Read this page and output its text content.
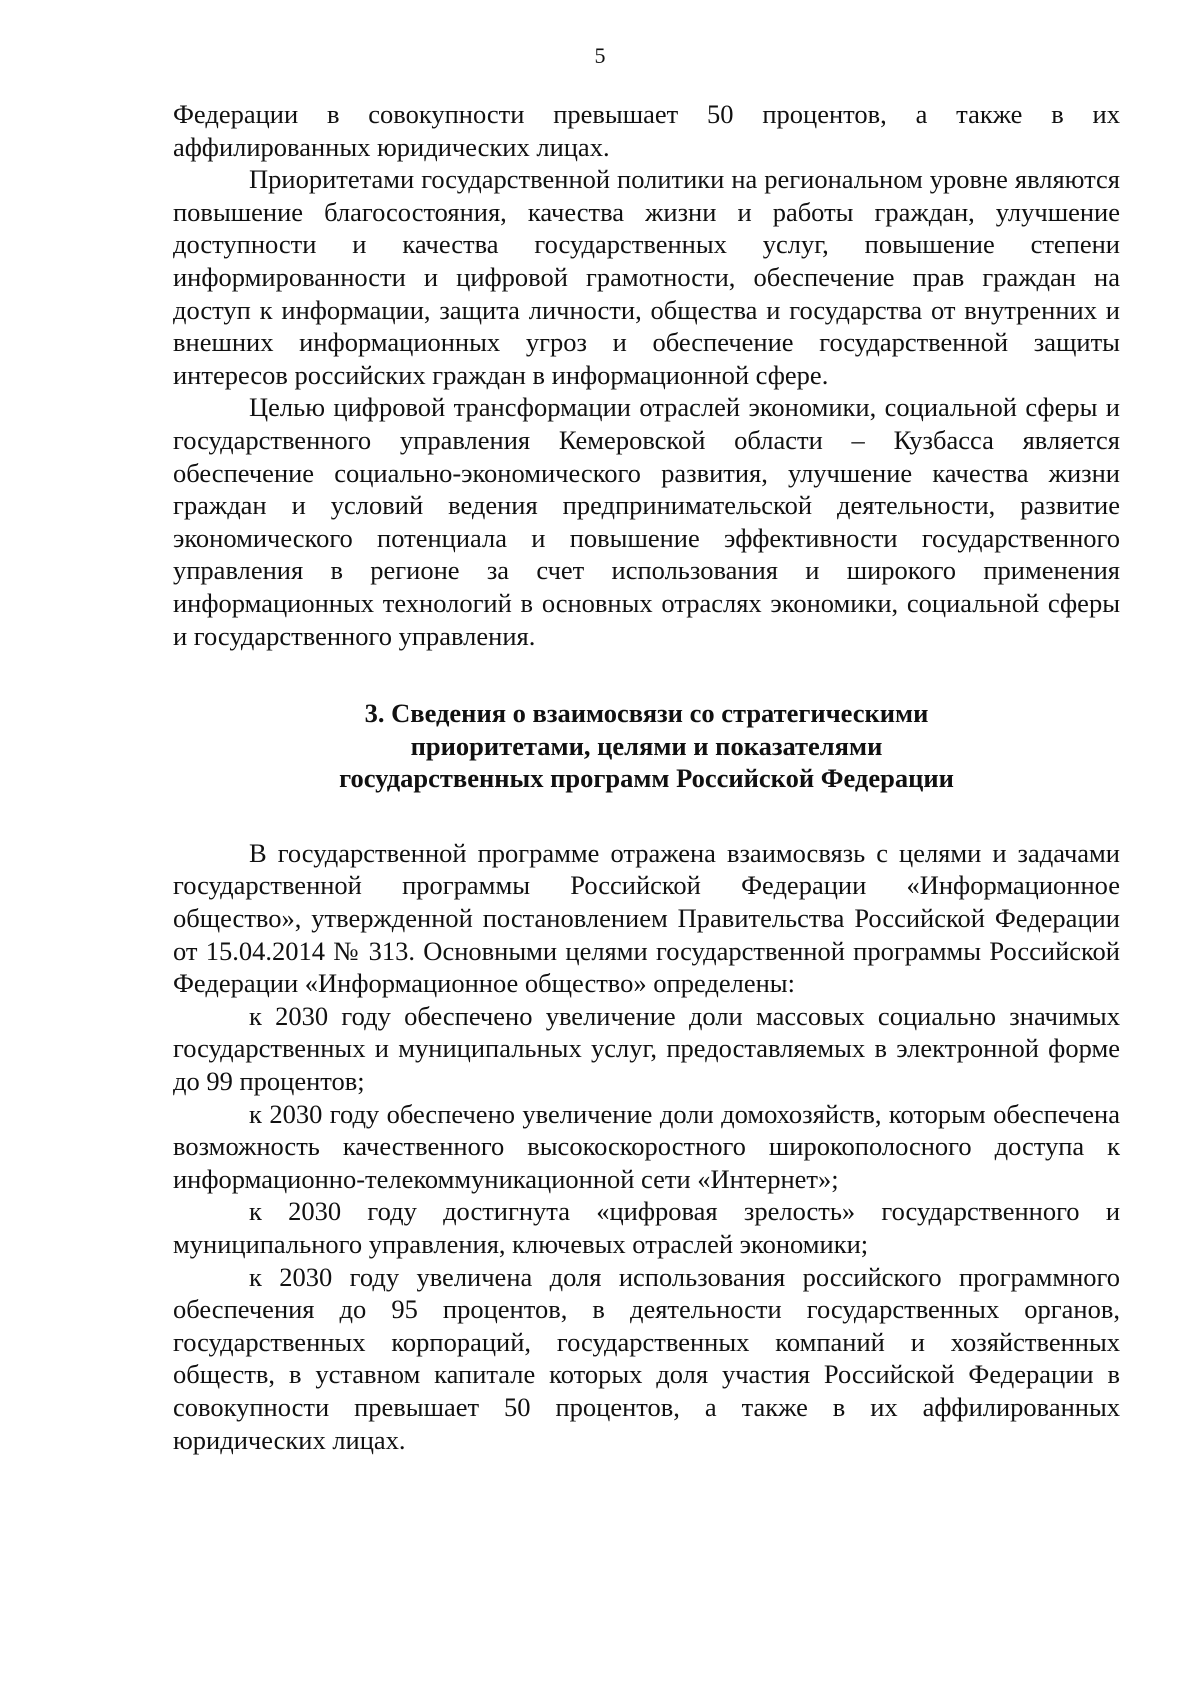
5

Федерации в совокупности превышает 50 процентов, а также в их аффилированных юридических лицах.

Приоритетами государственной политики на региональном уровне являются повышение благосостояния, качества жизни и работы граждан, улучшение доступности и качества государственных услуг, повышение степени информированности и цифровой грамотности, обеспечение прав граждан на доступ к информации, защита личности, общества и государства от внутренних и внешних информационных угроз и обеспечение государственной защиты интересов российских граждан в информационной сфере.

Целью цифровой трансформации отраслей экономики, социальной сферы и государственного управления Кемеровской области – Кузбасса является обеспечение социально-экономического развития, улучшение качества жизни граждан и условий ведения предпринимательской деятельности, развитие экономического потенциала и повышение эффективности государственного управления в регионе за счет использования и широкого применения информационных технологий в основных отраслях экономики, социальной сферы и государственного управления.

3. Сведения о взаимосвязи со стратегическими
приоритетами, целями и показателями
государственных программ Российской Федерации

В государственной программе отражена взаимосвязь с целями и задачами государственной программы Российской Федерации «Информационное общество», утвержденной постановлением Правительства Российской Федерации от 15.04.2014 № 313. Основными целями государственной программы Российской Федерации «Информационное общество» определены:

к 2030 году обеспечено увеличение доли массовых социально значимых государственных и муниципальных услуг, предоставляемых в электронной форме до 99 процентов;

к 2030 году обеспечено увеличение доли домохозяйств, которым обеспечена возможность качественного высокоскоростного широкополосного доступа к информационно-телекоммуникационной сети «Интернет»;

к 2030 году достигнута «цифровая зрелость» государственного и муниципального управления, ключевых отраслей экономики;

к 2030 году увеличена доля использования российского программного обеспечения до 95 процентов, в деятельности государственных органов, государственных корпораций, государственных компаний и хозяйственных обществ, в уставном капитале которых доля участия Российской Федерации в совокупности превышает 50 процентов, а также в их аффилированных юридических лицах.
